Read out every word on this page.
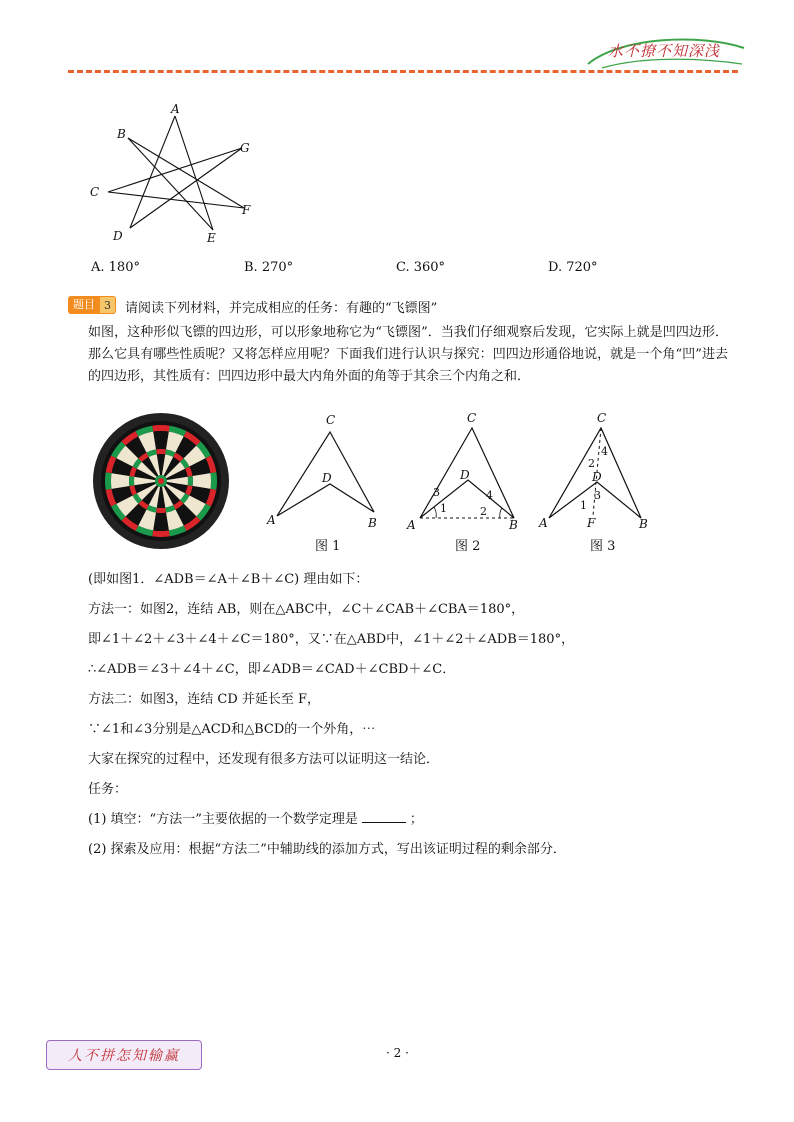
水不撩不知深浅
A
B
G
C
F
D	E
A. 180°	B. 270°	C. 360°	D. 720°
题目 3	请阅读下列材料，并完成相应的任务：有趣的“飞镖图”
如图，这种形似飞镖的四边形，可以形象地称它为“飞镖图”．当我们仔细观察后发现，它实际上就是凹四边形．那么它具有哪些性质呢？又将怎样应用呢？下面我们进行认识与探究：凹四边形通俗地说，就是一个角“凹”进去的四边形，其性质有：凹四边形中最大内角外面的角等于其余三个内角之和．
C
D
A	B
图 1
C
D
A	B
3
1
4
2
图 2
C
D
A	B
F
4
2
3
1
图 3
(即如图1．∠ADB＝∠A＋∠B＋∠C) 理由如下：
方法一：如图2，连结 AB，则在△ABC中，∠C＋∠CAB＋∠CBA＝180°，
即∠1＋∠2＋∠3＋∠4＋∠C＝180°，又∵在△ABD中，∠1＋∠2＋∠ADB＝180°，
∴∠ADB＝∠3＋∠4＋∠C，即∠ADB＝∠CAD＋∠CBD＋∠C．
方法二：如图3，连结 CD 并延长至 F，
∵∠1和∠3分别是△ACD和△BCD的一个外角，⋯
大家在探究的过程中，还发现有很多方法可以证明这一结论．
任务：
(1) 填空：“方法一”主要依据的一个数学定理是	；
(2) 探索及应用：根据“方法二”中辅助线的添加方式，写出该证明过程的剩余部分．
人不拼怎知输赢	· 2 ·
